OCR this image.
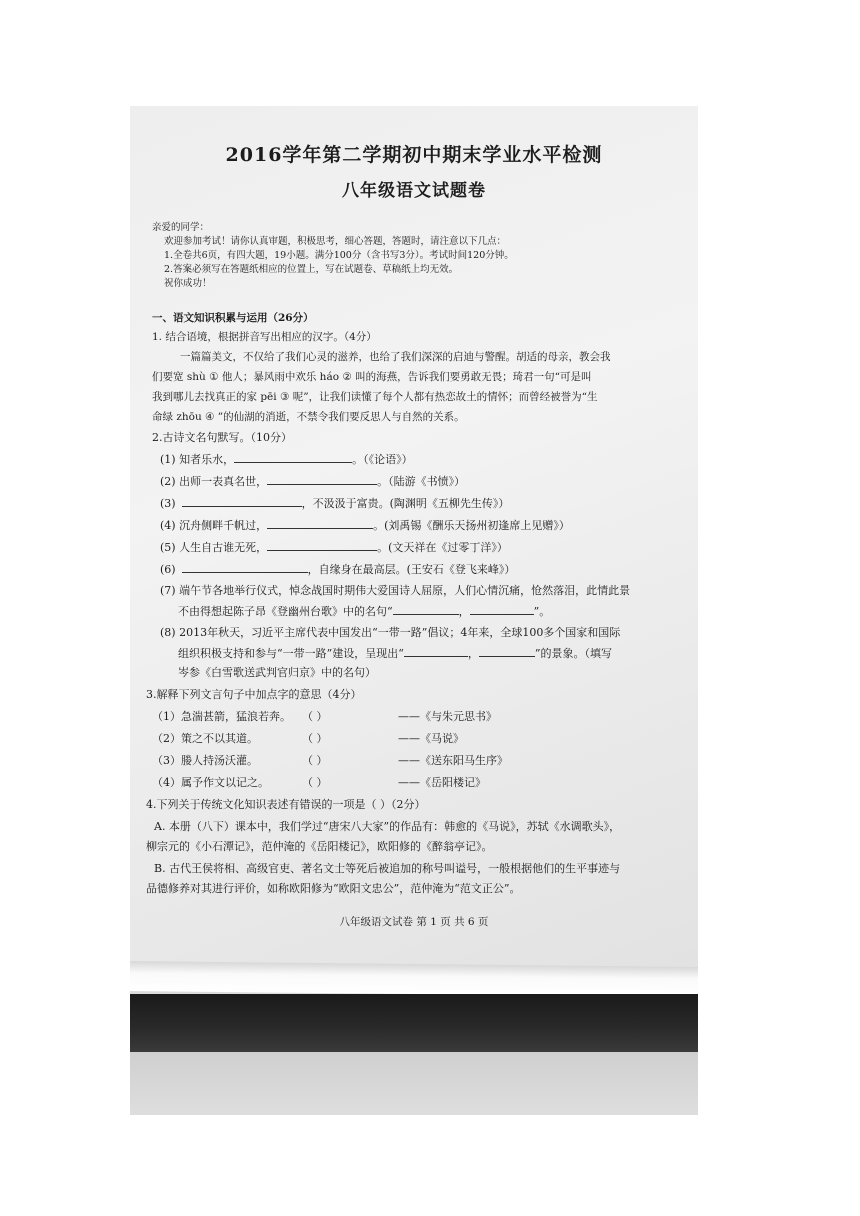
2016学年第二学期初中期末学业水平检测
八年级语文试题卷
亲爱的同学：
欢迎参加考试！请你认真审题，积极思考，细心答题，答题时，请注意以下几点：
1.全卷共6页，有四大题，19小题。满分100分（含书写3分）。考试时间120分钟。
2.答案必须写在答题纸相应的位置上，写在试题卷、草稿纸上均无效。
祝你成功！
一、语文知识积累与运用（26分）
1. 结合语境，根据拼音写出相应的汉字。（4分）
一篇篇美文，不仅给了我们心灵的滋养，也给了我们深深的启迪与警醒。胡适的母亲，教会我
们要宽 shù ① 他人；暴风雨中欢乐 háo ② 叫的海燕，告诉我们要勇敢无畏；琦君一句“可是叫
我到哪儿去找真正的家 pēi ③ 呢”，让我们读懂了每个人都有热恋故土的情怀；而曾经被誉为“生
命绿 zhōu ④ ”的仙湖的消逝，不禁令我们要反思人与自然的关系。
2.古诗文名句默写。（10分）
(1) 知者乐水，	。（《论语》）
(2) 出师一表真名世，	。（陆游《书愤》）
(3)	，不汲汲于富贵。(陶渊明《五柳先生传》）
(4) 沉舟侧畔千帆过，	。(刘禹锡《酬乐天扬州初逢席上见赠》）
(5) 人生自古谁无死，	。(文天祥在《过零丁洋》）
(6)	，自缘身在最高层。(王安石《登飞来峰》）
(7) 端午节各地举行仪式，悼念战国时期伟大爱国诗人屈原，人们心情沉痛，怆然落泪，此情此景
不由得想起陈子昂《登幽州台歌》中的名句“	，	”。
(8) 2013年秋天，习近平主席代表中国发出“一带一路”倡议；4年来，全球100多个国家和国际
组织积极支持和参与“一带一路”建设，呈现出“	，	”的景象。（填写
岑参《白雪歌送武判官归京》中的名句）
3.解释下列文言句子中加点字的意思（4分）
（1）急湍甚箭，猛浪若奔。 （ ）	——《与朱元思书》
（2）策之不以其道。	（ ）	——《马说》
（3）媵人持汤沃灌。	（ ）	——《送东阳马生序》
（4）属予作文以记之。	（ ）	——《岳阳楼记》
4.下列关于传统文化知识表述有错误的一项是（ ）（2分）
A. 本册（八下）课本中，我们学过“唐宋八大家”的作品有：韩愈的《马说》，苏轼《水调歌头》，
柳宗元的《小石潭记》，范仲淹的《岳阳楼记》，欧阳修的《醉翁亭记》。
B. 古代王侯将相、高级官吏、著名文士等死后被追加的称号叫谥号，一般根据他们的生平事迹与
品德修养对其进行评价，如称欧阳修为“欧阳文忠公”，范仲淹为“范文正公”。
八年级语文试卷 第 1 页 共 6 页
